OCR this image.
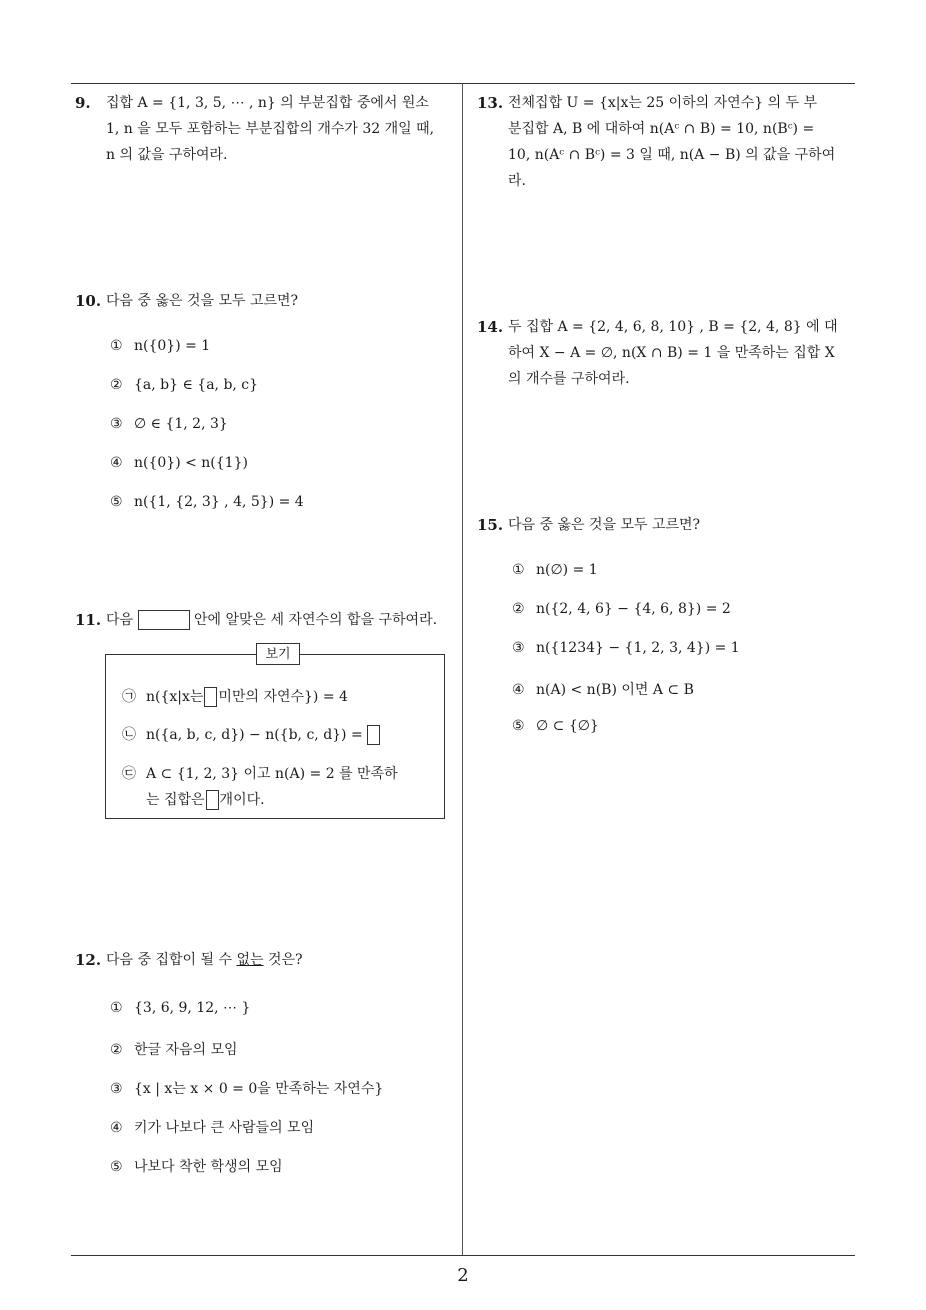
9. 집합 A = {1, 3, 5, ⋯ , n} 의 부분집합 중에서 원소
1, n 을 모두 포함하는 부분집합의 개수가 32 개일 때,
n 의 값을 구하여라.
10. 다음 중 옳은 것을 모두 고르면?
① n({0}) = 1
② {a, b} ∈ {a, b, c}
③ ∅ ∈ {1, 2, 3}
④ n({0}) < n({1})
⑤ n({1, {2, 3} , 4, 5}) = 4
11. 다음	안에 알맞은 세 자연수의 합을 구하여라.
보기
㉠ n({x|x는 미만의 자연수}) = 4
㉡ n({a, b, c, d}) − n({b, c, d}) =
㉢ A ⊂ {1, 2, 3} 이고 n(A) = 2 를 만족하
는 집합은 개이다.
12. 다음 중 집합이 될 수 없는 것은?
① {3, 6, 9, 12, ⋯ }
② 한글 자음의 모임
③ {x | x는 x × 0 = 0을 만족하는 자연수}
④ 키가 나보다 큰 사람들의 모임
⑤ 나보다 착한 학생의 모임
13. 전체집합 U = {x|x는 25 이하의 자연수} 의 두 부
분집합 A, B 에 대하여 n(Aᶜ ∩ B) = 10, n(Bᶜ) =
10, n(Aᶜ ∩ Bᶜ) = 3 일 때, n(A − B) 의 값을 구하여
라.
14. 두 집합 A = {2, 4, 6, 8, 10} , B = {2, 4, 8} 에 대
하여 X − A = ∅, n(X ∩ B) = 1 을 만족하는 집합 X
의 개수를 구하여라.
15. 다음 중 옳은 것을 모두 고르면?
① n(∅) = 1
② n({2, 4, 6} − {4, 6, 8}) = 2
③ n({1234} − {1, 2, 3, 4}) = 1
④ n(A) < n(B) 이면 A ⊂ B
⑤ ∅ ⊂ {∅}
2
